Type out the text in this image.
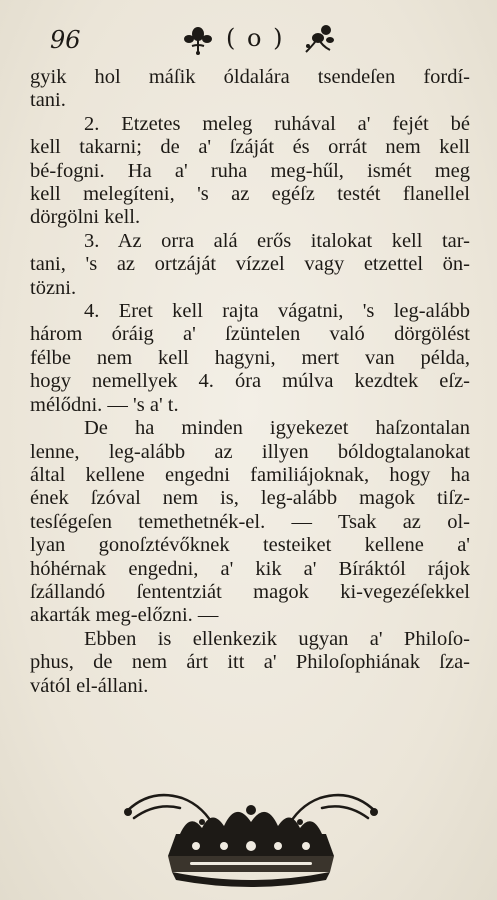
96	( o )
gyik hol máſik óldalára tsendeſen fordí-
tani.
2. Etzetes meleg ruhával a' fejét bé
kell takarni; de a' ſzáját és orrát nem kell
bé-fogni. Ha a' ruha meg-hűl, ismét meg
kell melegíteni, 's az egéſz testét flanellel
dörgölni kell.
3. Az orra alá erős italokat kell tar-
tani, 's az ortzáját vízzel vagy etzettel ön-
tözni.
4. Eret kell rajta vágatni, 's leg-alább
három óráig a' ſzüntelen való dörgölést
félbe nem kell hagyni, mert van példa,
hogy nemellyek 4. óra múlva kezdtek eſz-
mélődni. — 's a' t.
De ha minden igyekezet haſzontalan
lenne, leg-alább az illyen bóldogtalanokat
által kellene engedni familiájoknak, hogy ha
ének ſzóval nem is, leg-alább magok tiſz-
tesſégeſen temethetnék-el. — Tsak az ol-
lyan gonoſztévőknek testeiket kellene a'
hóhérnak engedni, a' kik a' Bíráktól rájok
ſzállandó ſententziát magok ki-vegezéſekkel
akarták meg-előzni. —
Ebben is ellenkezik ugyan a' Philoſo-
phus, de nem árt itt a' Philoſophiának ſza-
vától el-állani.
